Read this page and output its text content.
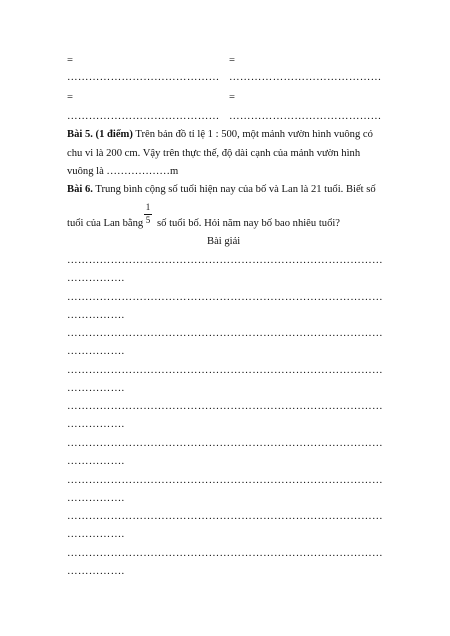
=	=
…………………………………… ……………………………………
=	=
…………………………………… ……………………………………
Bài 5. (1 điểm) Trên bản đồ tỉ lệ 1 : 500, một mảnh vườn hình vuông có
chu vi là 200 cm. Vậy trên thực thế, độ dài cạnh của mảnh vườn hình
vuông là ………………m
Bài 6. Trung bình cộng số tuổi hiện nay của bố và Lan là 21 tuổi. Biết số
tuổi của Lan bằng
1
5 số tuổi bố. Hỏi năm nay bố bao nhiêu tuổi?
Bài giải
……………………………………………………………………………
…………….
……………………………………………………………………………
…………….
……………………………………………………………………………
…………….
……………………………………………………………………………
…………….
……………………………………………………………………………
…………….
……………………………………………………………………………
…………….
……………………………………………………………………………
…………….
……………………………………………………………………………
…………….
……………………………………………………………………………
…………….
